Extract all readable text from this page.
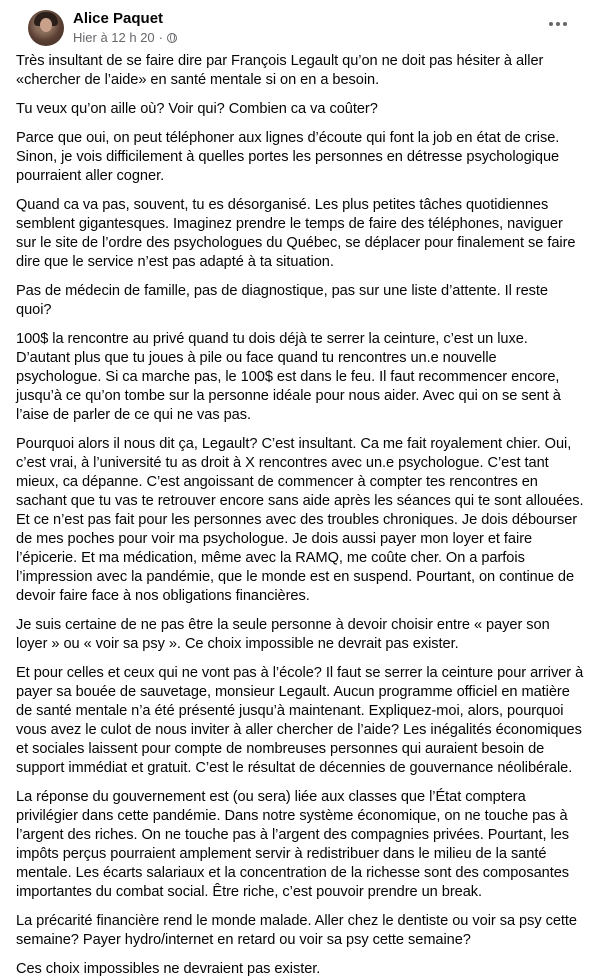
Alice Paquet
Hier à 12 h 20 ·

Très insultant de se faire dire par François Legault qu’on ne doit pas hésiter à aller «chercher de l’aide» en santé mentale si on en a besoin.

Tu veux qu’on aille où? Voir qui? Combien ca va coûter?

Parce que oui, on peut téléphoner aux lignes d’écoute qui font la job en état de crise. Sinon, je vois difficilement à quelles portes les personnes en détresse psychologique pourraient aller cogner.

Quand ca va pas, souvent, tu es désorganisé. Les plus petites tâches quotidiennes semblent gigantesques. Imaginez prendre le temps de faire des téléphones, naviguer sur le site de l’ordre des psychologues du Québec, se déplacer pour finalement se faire dire que le service n’est pas adapté à ta situation.

Pas de médecin de famille, pas de diagnostique, pas sur une liste d’attente. Il reste quoi?

100$ la rencontre au privé quand tu dois déjà te serrer la ceinture, c’est un luxe. D’autant plus que tu joues à pile ou face quand tu rencontres un.e nouvelle psychologue. Si ca marche pas, le 100$ est dans le feu. Il faut recommencer encore, jusqu’à ce qu’on tombe sur la personne idéale pour nous aider. Avec qui on se sent à l’aise de parler de ce qui ne vas pas.

Pourquoi alors il nous dit ça, Legault? C’est insultant. Ca me fait royalement chier. Oui, c’est vrai, à l’université tu as droit à X rencontres avec un.e psychologue. C’est tant mieux, ca dépanne. C’est angoissant de commencer à compter tes rencontres en sachant que tu vas te retrouver encore sans aide après les séances qui te sont allouées. Et ce n’est pas fait pour les personnes avec des troubles chroniques. Je dois débourser de mes poches pour voir ma psychologue. Je dois aussi payer mon loyer et faire l’épicerie. Et ma médication, même avec la RAMQ, me coûte cher. On a parfois l’impression avec la pandémie, que le monde est en suspend. Pourtant, on continue de devoir faire face à nos obligations financières.

Je suis certaine de ne pas être la seule personne à devoir choisir entre « payer son loyer » ou « voir sa psy ». Ce choix impossible ne devrait pas exister.

Et pour celles et ceux qui ne vont pas à l’école? Il faut se serrer la ceinture pour arriver à payer sa bouée de sauvetage, monsieur Legault. Aucun programme officiel en matière de santé mentale n’a été présenté jusqu’à maintenant. Expliquez-moi, alors, pourquoi vous avez le culot de nous inviter à aller chercher de l’aide? Les inégalités économiques et sociales laissent pour compte de nombreuses personnes qui auraient besoin de support immédiat et gratuit. C’est le résultat de décennies de gouvernance néolibérale.

La réponse du gouvernement est (ou sera) liée aux classes que l’État comptera privilégier dans cette pandémie. Dans notre système économique, on ne touche pas à l’argent des riches. On ne touche pas à l’argent des compagnies privées. Pourtant, les impôts perçus pourraient amplement servir à redistribuer dans le milieu de la santé mentale. Les écarts salariaux et la concentration de la richesse sont des composantes importantes du combat social. Être riche, c’est pouvoir prendre un break.

La précarité financière rend le monde malade. Aller chez le dentiste ou voir sa psy cette semaine? Payer hydro/internet en retard ou voir sa psy cette semaine?

Ces choix impossibles ne devraient pas exister.
